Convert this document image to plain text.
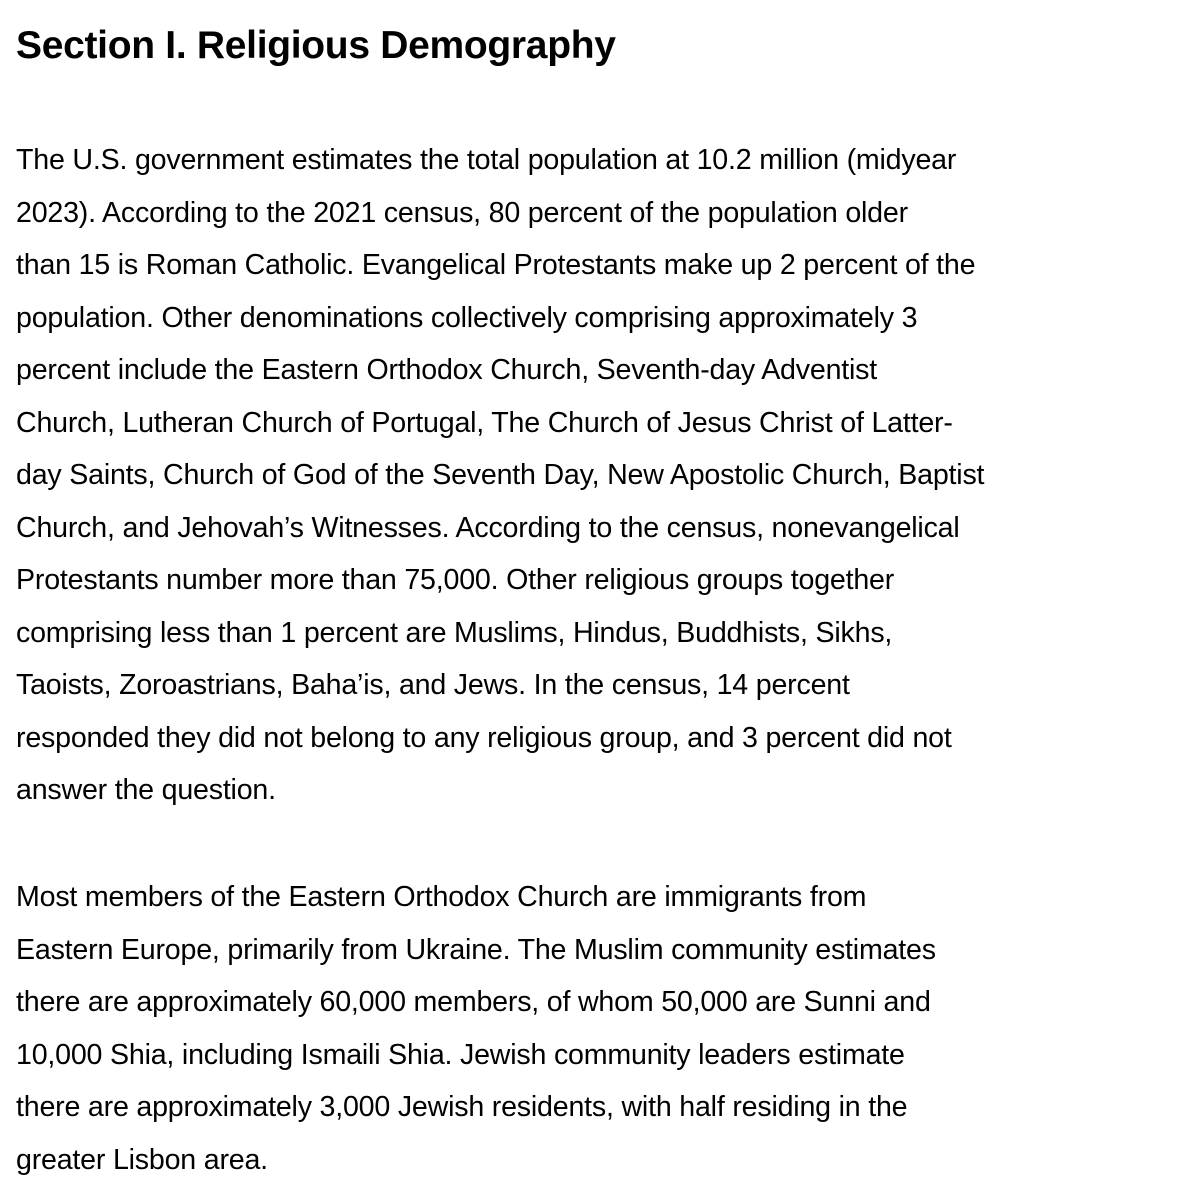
Section I. Religious Demography

The U.S. government estimates the total population at 10.2 million (midyear
2023). According to the 2021 census, 80 percent of the population older
than 15 is Roman Catholic. Evangelical Protestants make up 2 percent of the
population. Other denominations collectively comprising approximately 3
percent include the Eastern Orthodox Church, Seventh-day Adventist
Church, Lutheran Church of Portugal, The Church of Jesus Christ of Latter-
day Saints, Church of God of the Seventh Day, New Apostolic Church, Baptist
Church, and Jehovah’s Witnesses. According to the census, nonevangelical
Protestants number more than 75,000. Other religious groups together
comprising less than 1 percent are Muslims, Hindus, Buddhists, Sikhs,
Taoists, Zoroastrians, Baha’is, and Jews. In the census, 14 percent
responded they did not belong to any religious group, and 3 percent did not
answer the question.

Most members of the Eastern Orthodox Church are immigrants from
Eastern Europe, primarily from Ukraine. The Muslim community estimates
there are approximately 60,000 members, of whom 50,000 are Sunni and
10,000 Shia, including Ismaili Shia. Jewish community leaders estimate
there are approximately 3,000 Jewish residents, with half residing in the
greater Lisbon area.
